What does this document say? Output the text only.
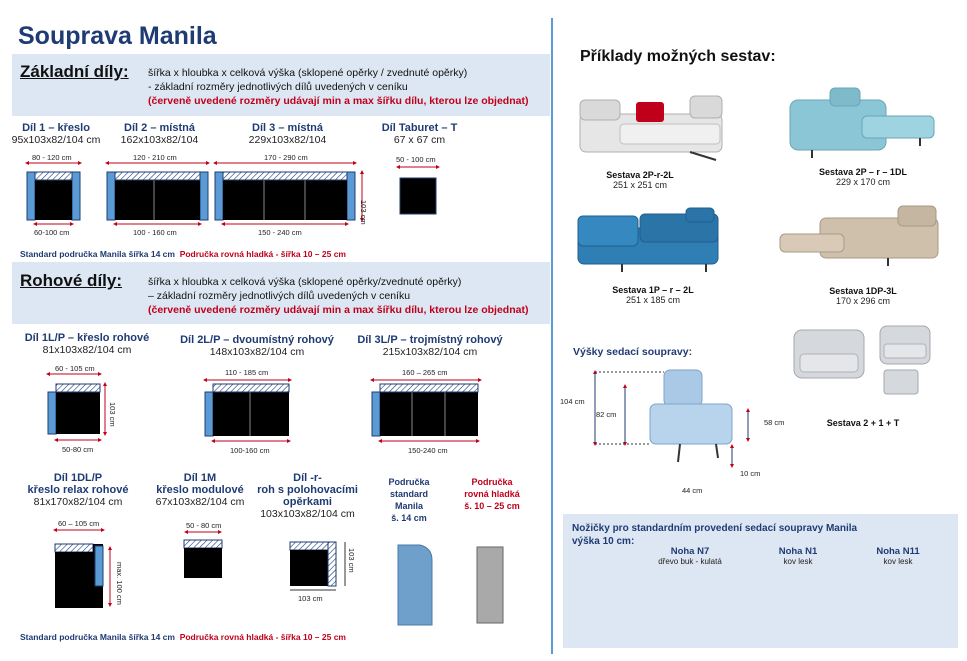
Souprava Manila
Základní díly: šířka x hloubka x celková výška (sklopené opěrky / zvednuté opěrky)
- základní rozměry jednotlivých dílů uvedených v ceníku
(červeně uvedené rozměry udávají min a max šířku dílu, kterou lze objednat)
Díl 1 – křeslo
95x103x82/104 cm
Díl 2 – místná
162x103x82/104
Díl 3 – místná
229x103x82/104
Díl Taburet – T
67 x 67 cm
80 - 120 cm
60-100 cm
120 - 210 cm
100 - 160 cm
170 - 290 cm
150 - 240 cm
103 cm
50 - 100 cm
Standard područka Manila šířka 14 cm Područka rovná hladká - šířka 10 – 25 cm
Rohové díly: šířka x hloubka x celková výška (sklopené opěrky/zvednuté opěrky)
– základní rozměry jednotlivých dílů uvedených v ceníku
(červeně uvedené rozměry udávají min a max šířku dílu, kterou lze objednat)
Díl 1L/P – křeslo rohové
81x103x82/104 cm
Díl 2L/P – dvoumístný rohový
148x103x82/104 cm
Díl 3L/P – trojmístný rohový
215x103x82/104 cm
60 - 105 cm
50-80 cm
103 cm
110 - 185 cm
100-160 cm
160 – 265 cm
150-240 cm
Díl 1DL/P
křeslo relax rohové
81x170x82/104 cm
Díl 1M
křeslo modulové
67x103x82/104 cm
Díl -r-
roh s polohovacími
opěrkami
103x103x82/104 cm
Područka
standard
Manila
š. 14 cm
Područka
rovná hladká
š. 10 – 25 cm
60 – 105 cm
max. 100 cm
50 - 80 cm
103 cm
103 cm
Standard područka Manila šířka 14 cm Područka rovná hladká - šířka 10 – 25 cm
Příklady možných sestav:
Sestava 2P-r-2L
251 x 251 cm
Sestava 2P – r – 1DL
229 x 170 cm
Sestava 1P – r – 2L
251 x 185 cm
Sestava 1DP-3L
170 x 296 cm
Sestava 2 + 1 + T
Výšky sedací soupravy:
104 cm
82 cm
58 cm
10 cm
44 cm
Nožičky pro standardním provedení sedací soupravy Manila
výška 10 cm:
Noha N7
dřevo buk - kulatá
Noha N1
kov lesk
Noha N11
kov lesk
